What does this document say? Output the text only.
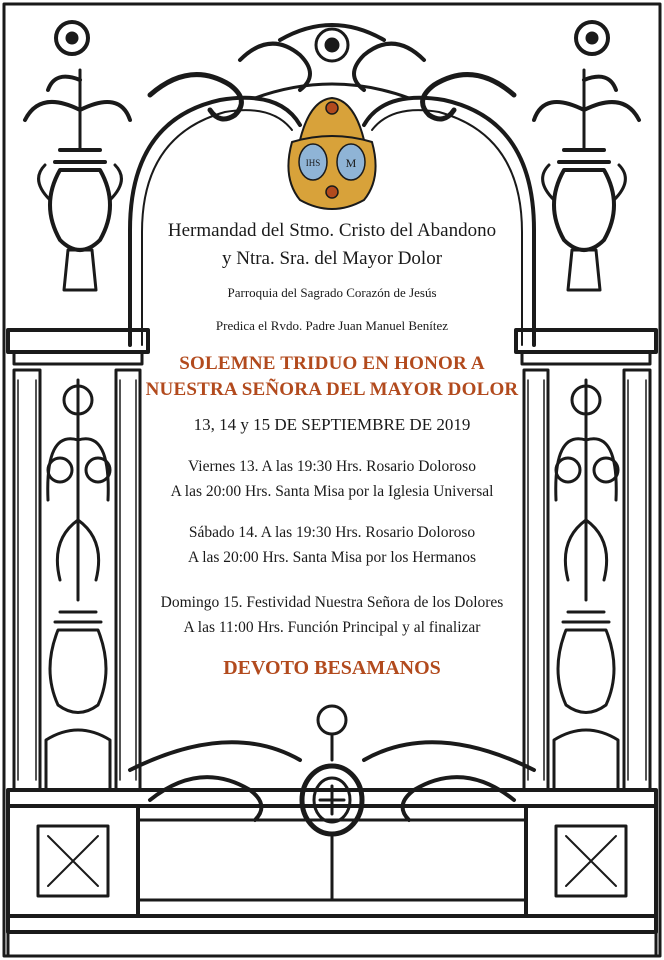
IHS M
Hermandad del Stmo. Cristo del Abandono
y Ntra. Sra. del Mayor Dolor
Parroquia del Sagrado Corazón de Jesús
Predica el Rvdo. Padre Juan Manuel Benítez
SOLEMNE TRIDUO EN HONOR A
NUESTRA SEÑORA DEL MAYOR DOLOR
13, 14 y 15 DE SEPTIEMBRE DE 2019
Viernes 13. A las 19:30 Hrs. Rosario Doloroso
A las 20:00 Hrs. Santa Misa por la Iglesia Universal
Sábado 14. A las 19:30 Hrs. Rosario Doloroso
A las 20:00 Hrs. Santa Misa por los Hermanos
Domingo 15. Festividad Nuestra Señora de los Dolores
A las 11:00 Hrs. Función Principal y al finalizar
DEVOTO BESAMANOS
